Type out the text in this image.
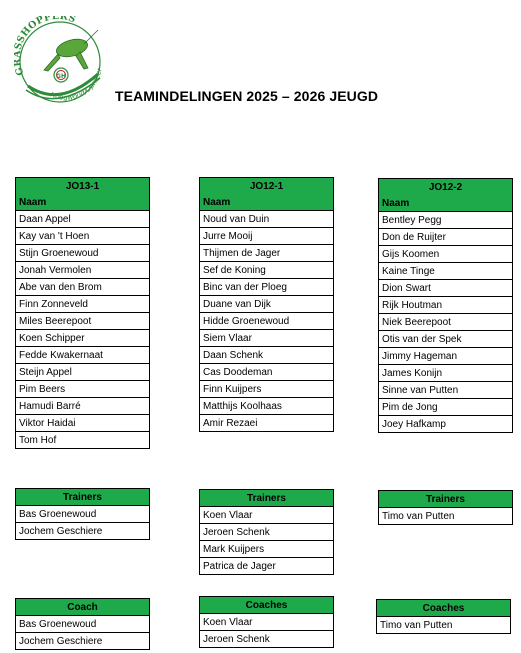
G SHOPPERS
GH
Hoogwoud/Opmeer
TEAMINDELINGEN 2025 – 2026 JEUGD
JO13-1
Naam
Daan Appel
Kay van 't Hoen
Stijn Groenewoud
Jonah Vermolen
Abe van den Brom
Finn Zonneveld
Miles Beerepoot
Koen Schipper
Fedde Kwakernaat
Steijn Appel
Pim Beers
Hamudi Barré
Viktor Haidai
Tom Hof
Trainers
Bas Groenewoud
Jochem Geschiere
Coach
Bas Groenewoud
Jochem Geschiere
JO12-1
Naam
Noud van Duin
Jurre Mooij
Thijmen de Jager
Sef de Koning
Binc van der Ploeg
Duane van Dijk
Hidde Groenewoud
Siem Vlaar
Daan Schenk
Cas Doodeman
Finn Kuijpers
Matthijs Koolhaas
Amir Rezaei
Trainers
Koen Vlaar
Jeroen Schenk
Mark Kuijpers
Patrica de Jager
Coaches
Koen Vlaar
Jeroen Schenk
JO12-2
Naam
Bentley Pegg
Don de Ruijter
Gijs Koomen
Kaine Tinge
Dion Swart
Rijk Houtman
Niek Beerepoot
Otis van der Spek
Jimmy Hageman
James Konijn
Sinne van Putten
Pim de Jong
Joey Hafkamp
Trainers
Timo van Putten
Coaches
Timo van Putten
